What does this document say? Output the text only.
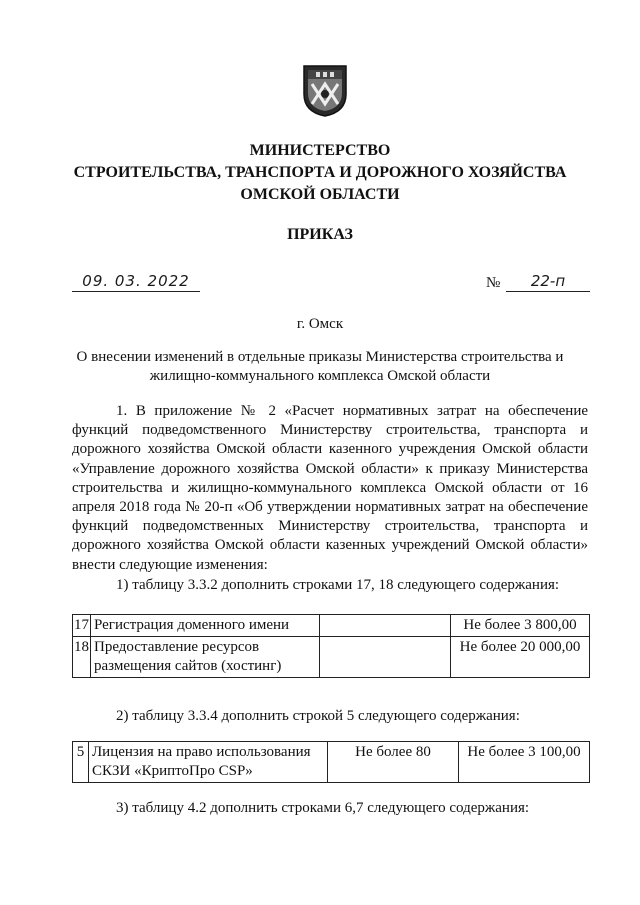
МИНИСТЕРСТВО
СТРОИТЕЛЬСТВА, ТРАНСПОРТА И ДОРОЖНОГО ХОЗЯЙСТВА
ОМСКОЙ ОБЛАСТИ
ПРИКАЗ
09. 03. 2022	№	22-п
г. Омск
О внесении изменений в отдельные приказы Министерства строительства и
жилищно-коммунального комплекса Омской области
1. В приложение № 2 «Расчет нормативных затрат на обеспечение функций подведомственного Министерству строительства, транспорта и дорожного хозяйства Омской области казенного учреждения Омской области «Управление дорожного хозяйства Омской области» к приказу Министерства строительства и жилищно-коммунального комплекса Омской области от 16 апреля 2018 года № 20-п «Об утверждении нормативных затрат на обеспечение функций подведомственных Министерству строительства, транспорта и дорожного хозяйства Омской области казенных учреждений Омской области» внести следующие изменения:
1) таблицу 3.3.2 дополнить строками 17, 18 следующего содержания:
17	Регистрация доменного имени		Не более 3 800,00
18	Предоставление ресурсов размещения сайтов (хостинг)		Не более 20 000,00
2) таблицу 3.3.4 дополнить строкой 5 следующего содержания:
5	Лицензия на право использования СКЗИ «КриптоПро CSP»	Не более 80	Не более 3 100,00
3) таблицу 4.2 дополнить строками 6,7 следующего содержания:
